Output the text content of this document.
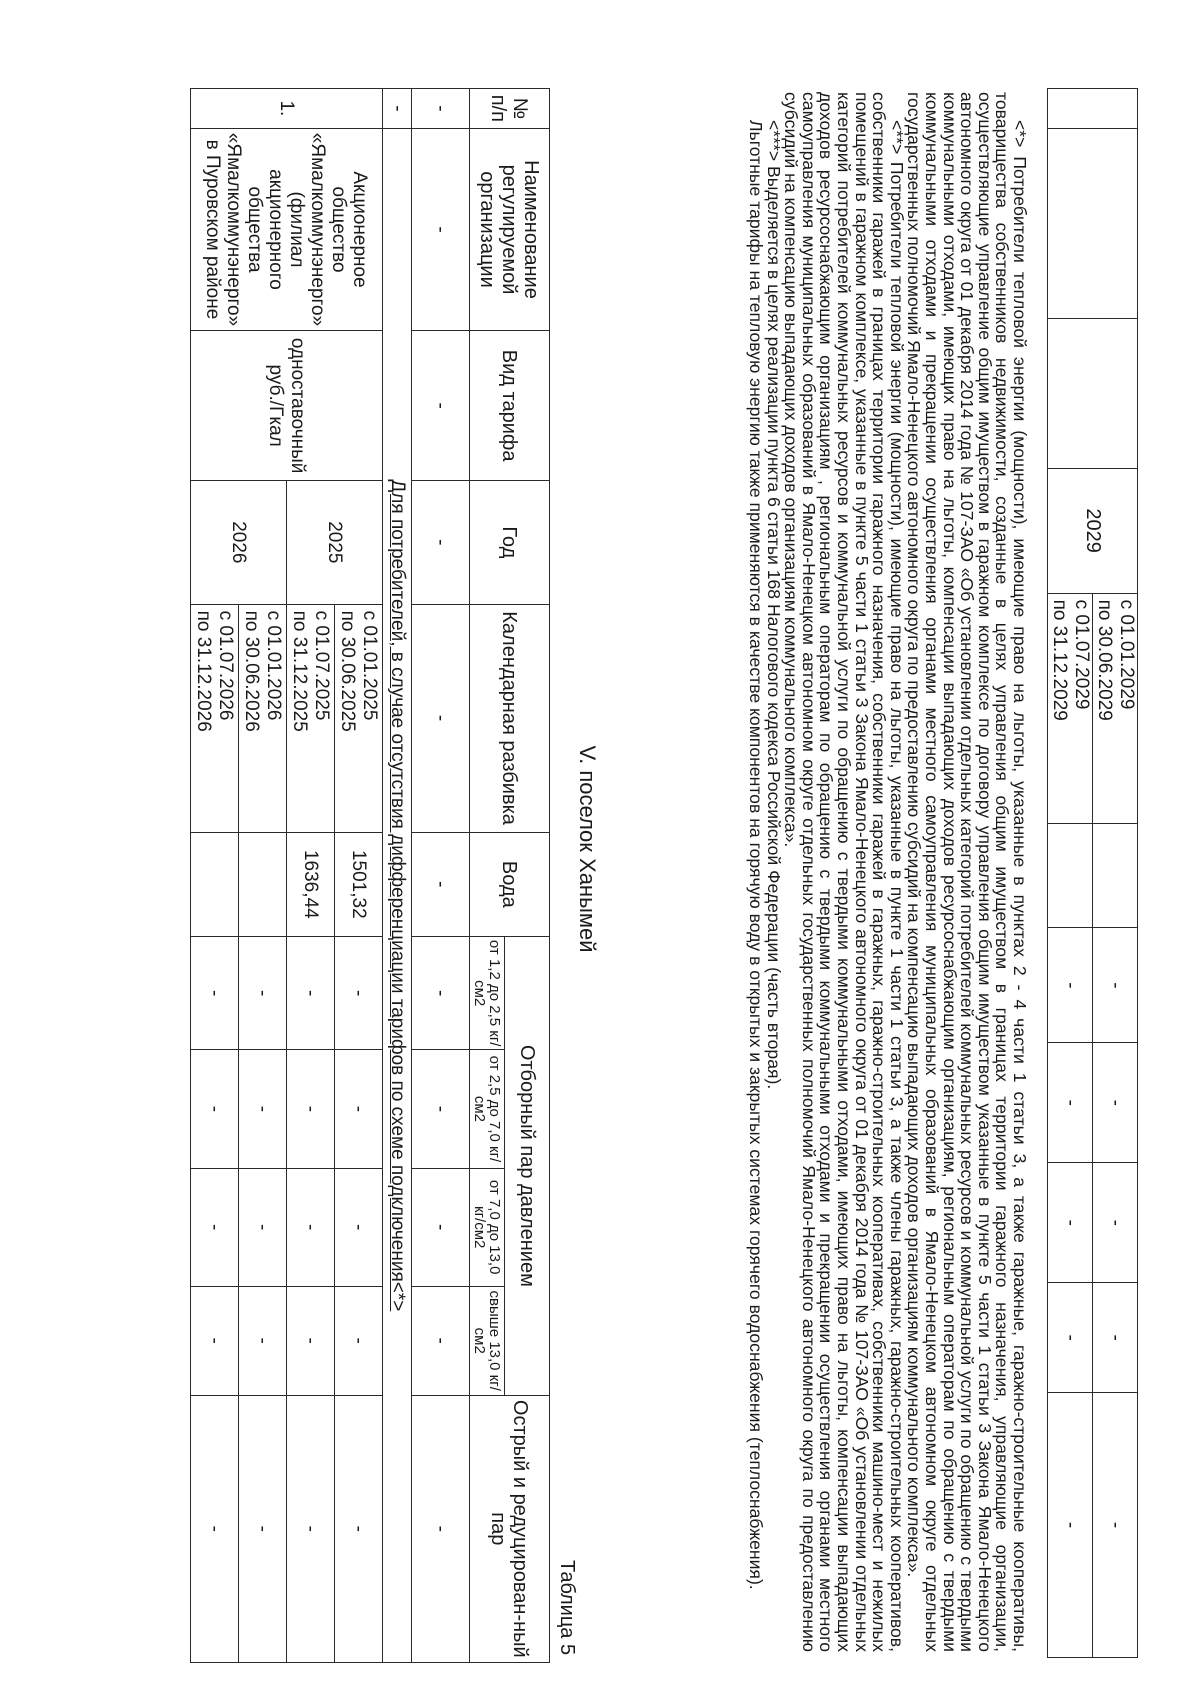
			2029	с 01.01.2029
по 30.06.2029		-	-	-	-	-
				с 01.07.2029
по 31.12.2029		-	-	-	-	-

<*> Потребители тепловой энергии (мощности), имеющие право на льготы, указанные в пунктах 2 - 4 части 1 статьи 3, а также гаражные, гаражно-строительные кооперативы, товарищества собственников недвижимости, созданные в целях управления общим имуществом в границах территории гаражного назначения, управляющие организации, осуществляющие управление общим имуществом в гаражном комплексе по договору управления общим имуществом указанные в пункте 5 части 1 статьи 3 Закона Ямало-Ненецкого автономного округа от 01 декабря 2014 года № 107-ЗАО «Об установлении отдельных категорий потребителей коммунальных ресурсов и коммунальной услуги по обращению с твердыми коммунальными отходами, имеющих право на льготы, компенсации выпадающих доходов ресурсоснабжающим организациям, региональным операторам по обращению с твердыми коммунальными отходами и прекращении осуществления органами местного самоуправления муниципальных образований в Ямало-Ненецком автономном округе отдельных государственных полномочий Ямало-Ненецкого автономного округа по предоставлению субсидий на компенсацию выпадающих доходов организациям коммунального комплекса».

<**> Потребители тепловой энергии (мощности), имеющие право на льготы, указанные в пункте 1 части 1 статьи 3, а также члены гаражных, гаражно-строительных кооперативов, собственники гаражей в границах территории гаражного назначения, собственники гаражей в гаражных, гаражно-строительных кооперативах, собственники машино-мест и нежилых помещений в гаражном комплексе, указанные в пункте 5 части 1 статьи 3 Закона Ямало-Ненецкого автономного округа от 01 декабря 2014 года № 107-ЗАО «Об установлении отдельных категорий потребителей коммунальных ресурсов и коммунальной услуги по обращению с твердыми коммунальными отходами, имеющих право на льготы, компенсации выпадающих доходов ресурсоснабжающим организациям , региональным операторам по обращению с твердыми коммунальными отходами и прекращении осуществления органами местного самоуправления муниципальных образований в Ямало-Ненецком автономном округе отдельных государственных полномочий Ямало-Ненецкого автономного округа по предоставлению субсидий на компенсацию выпадающих доходов организациям коммунального комплекса».

<***> Выделяется в целях реализации пункта 6 статьи 168 Налогового кодекса Российской Федерации (часть вторая).

Льготные тарифы на тепловую энергию также применяются в качестве компонентов на горячую воду в открытых и закрытых системах горячего водоснабжения (теплоснабжения).

V. поселок Ханымей
Таблица 5
№ п/п	Наименование регулируемой организации	Вид тарифа	Год	Календарная разбивка	Вода	Отборный пар давлением				Острый и редуцирован-ный пар
						от 1,2 до 2,5 кг/см2	от 2,5 до 7,0 кг/см2	от 7,0 до 13,0 кг/см2	свыше 13,0 кг/см2	
-	-	-	-	-	-	-	-	-	-	-
-	Для потребителей, в случае отсутствия дифференциации тарифов по схеме подключения<*>									
1.	Акционерное общество «Ямалкоммунэнерго» (филиал акционерного общества «Ямалкоммунэнерго» в Пуровском районе	одноставочный руб./Гкал	2025	с 01.01.2025
по 30.06.2025	1501,32	-	-	-	-	-
				с 01.07.2025
по 31.12.2025	1636,44	-	-	-	-	-
			2026	с 01.01.2026
по 30.06.2026		-	-	-	-	-
				с 01.07.2026
по 31.12.2026		-	-	-	-	-
